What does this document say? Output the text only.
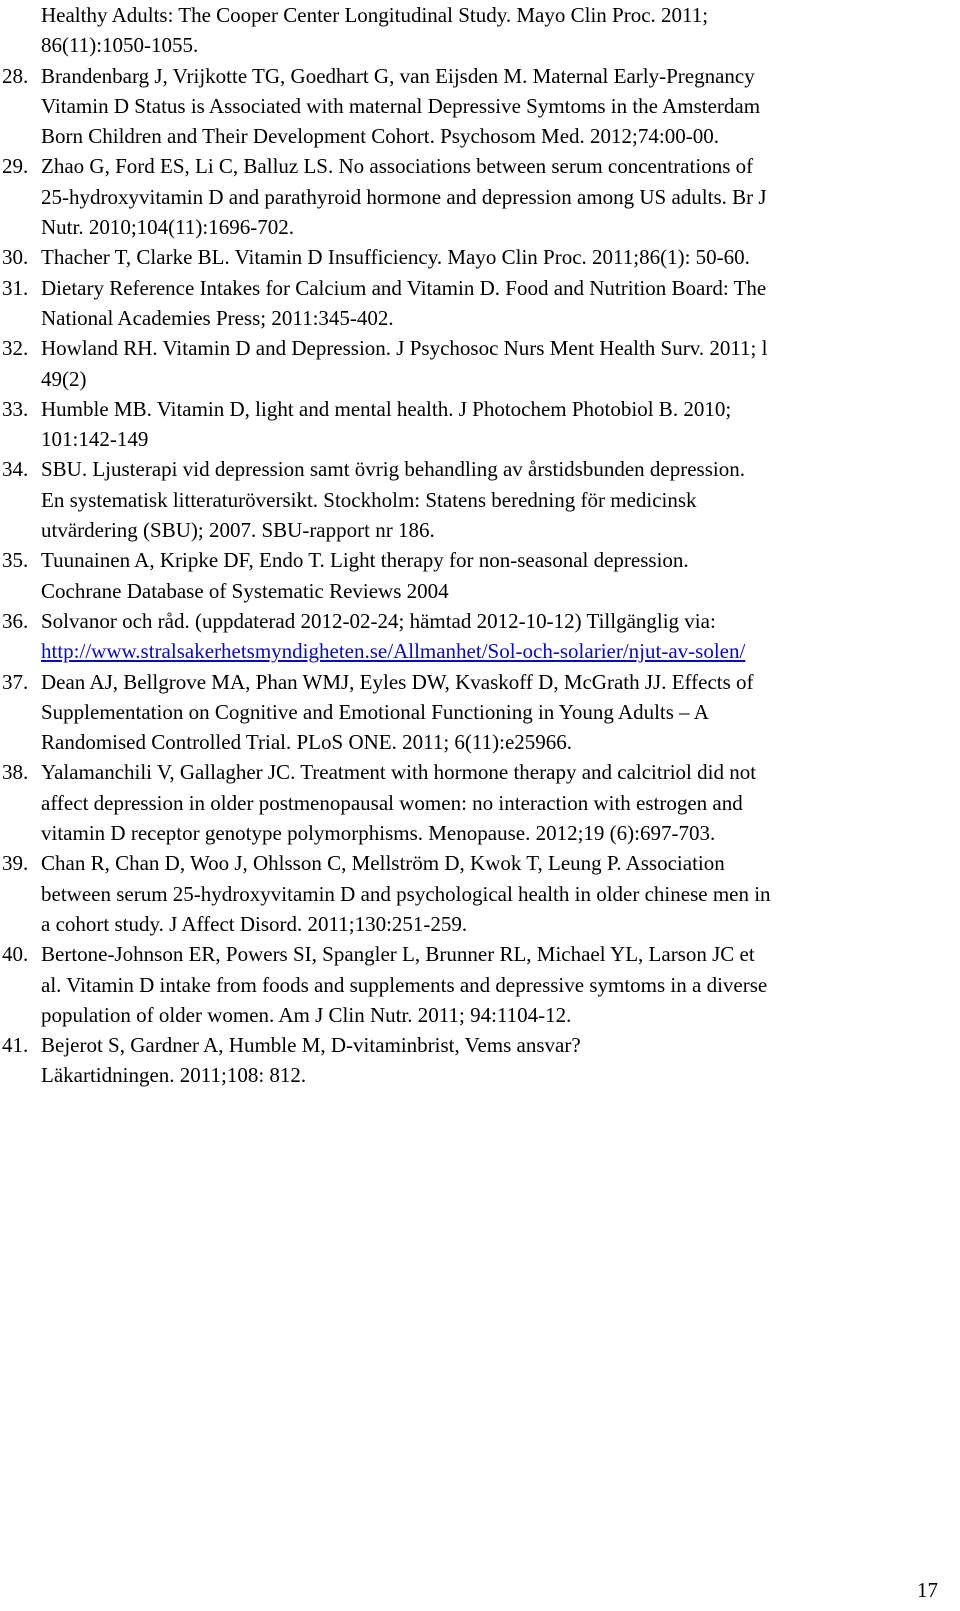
Healthy Adults: The Cooper Center Longitudinal Study. Mayo Clin Proc. 2011;
86(11):1050-1055.
28. Brandenbarg J, Vrijkotte TG, Goedhart G, van Eijsden M. Maternal Early-Pregnancy
Vitamin D Status is Associated with maternal Depressive Symtoms in the Amsterdam
Born Children and Their Development Cohort. Psychosom Med. 2012;74:00-00.
29. Zhao G, Ford ES, Li C, Balluz LS. No associations between serum concentrations of
25-hydroxyvitamin D and parathyroid hormone and depression among US adults. Br J
Nutr. 2010;104(11):1696-702.
30. Thacher T, Clarke BL. Vitamin D Insufficiency. Mayo Clin Proc. 2011;86(1): 50-60.
31. Dietary Reference Intakes for Calcium and Vitamin D. Food and Nutrition Board: The
National Academies Press; 2011:345-402.
32. Howland RH. Vitamin D and Depression. J Psychosoc Nurs Ment Health Surv. 2011; l
49(2)
33. Humble MB. Vitamin D, light and mental health. J Photochem Photobiol B. 2010;
101:142-149
34. SBU. Ljusterapi vid depression samt övrig behandling av årstidsbunden depression.
En systematisk litteraturöversikt. Stockholm: Statens beredning för medicinsk
utvärdering (SBU); 2007. SBU-rapport nr 186.
35. Tuunainen A, Kripke DF, Endo T. Light therapy for non-seasonal depression.
Cochrane Database of Systematic Reviews 2004
36. Solvanor och råd. (uppdaterad 2012-02-24; hämtad 2012-10-12) Tillgänglig via:
http://www.stralsakerhetsmyndigheten.se/Allmanhet/Sol-och-solarier/njut-av-solen/
37. Dean AJ, Bellgrove MA, Phan WMJ, Eyles DW, Kvaskoff D, McGrath JJ. Effects of
Supplementation on Cognitive and Emotional Functioning in Young Adults – A
Randomised Controlled Trial. PLoS ONE. 2011; 6(11):e25966.
38. Yalamanchili V, Gallagher JC. Treatment with hormone therapy and calcitriol did not
affect depression in older postmenopausal women: no interaction with estrogen and
vitamin D receptor genotype polymorphisms. Menopause. 2012;19 (6):697-703.
39. Chan R, Chan D, Woo J, Ohlsson C, Mellström D, Kwok T, Leung P. Association
between serum 25-hydroxyvitamin D and psychological health in older chinese men in
a cohort study. J Affect Disord. 2011;130:251-259.
40. Bertone-Johnson ER, Powers SI, Spangler L, Brunner RL, Michael YL, Larson JC et
al. Vitamin D intake from foods and supplements and depressive symtoms in a diverse
population of older women. Am J Clin Nutr. 2011; 94:1104-12.
41. Bejerot S, Gardner A, Humble M, D-vitaminbrist, Vems ansvar?
Läkartidningen. 2011;108: 812.
17
